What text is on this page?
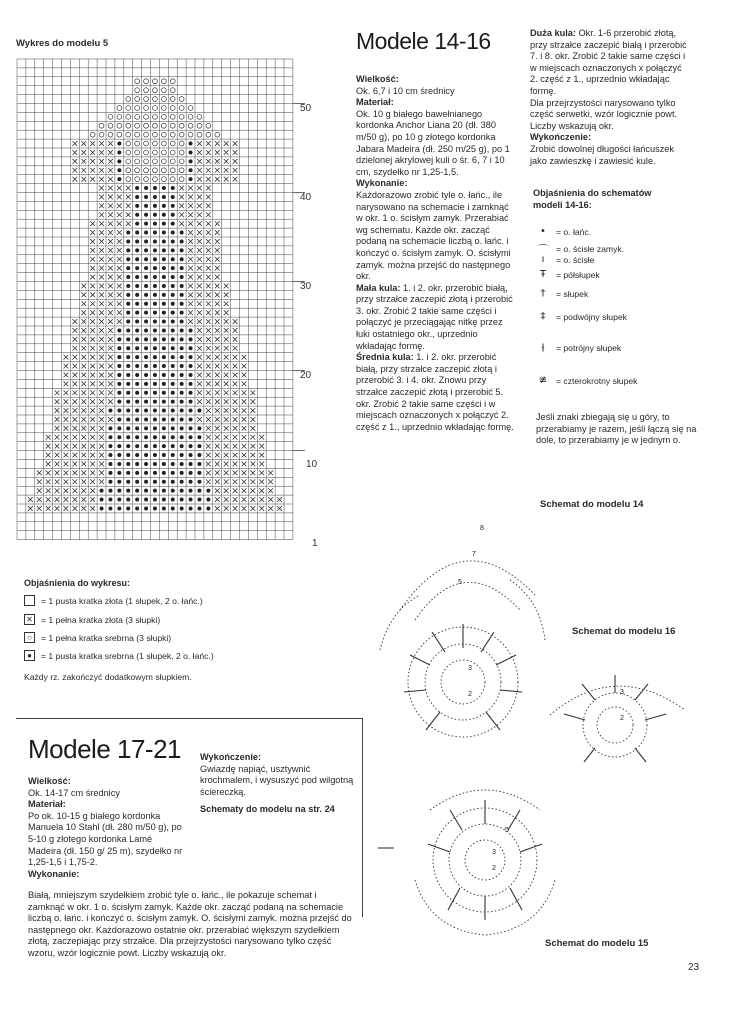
Wykres do modelu 5
50
40
30
20
10
1
Objaśnienia do wykresu:
= 1 pusta kratka złota (1 słupek, 2 o. łańc.)
✕ = 1 pełna kratka złota (3 słupki)
○	= 1 pełna kratka srebrna (3 słupki)
●	= 1 pusta kratka srebrna (1 słupek, 2 o. łańc.)
Każdy rz. zakończyć dodatkowym słupkiem.
Modele 14-16

Wielkość:

Ok. 6,7 i 10 cm średnicy

Materiał:

Ok. 10 g białego bawełnianego kordonka Anchor Liana 20 (dł. 380 m/50 g), po 10 g złotego kordonka Jabara Madeira (dł. 250 m/25 g), po 1 dzielonej akrylowej kuli o śr. 6, 7 i 10 cm, szydełko nr 1,25-1,5.

Wykonanie:

Każdorazowo zrobić tyle o. łańc., ile narysowano na schemacie i zamknąć w okr. 1 o. ścisłym zamyk. Przerabiać wg schematu. Każde okr. zacząć podaną na schemacie liczbą o. łańc. i kończyć o. ścisłym zamyk. O. ścisłymi zamyk. można przejść do następnego okr.

Mała kula: 1. i 2. okr. przerobić białą, przy strzałce zaczepić złotą i przerobić 3. okr. Zrobić 2 takie same części i połączyć je przeciągając nitkę przez łuki ostatniego okr., uprzednio wkładając formę.

Średnia kula: 1. i 2. okr. przerobić białą, przy strzałce zaczepić złotą i przerobić 3. i 4. okr. Znowu przy strzałce zaczepić złotą i przerobić 5. okr. Zrobić 2 takie same części i w miejscach oznaczonych x połączyć 2. część z 1., uprzednio wkładając formę.

Duża kula: Okr. 1-6 przerobić złotą, przy strzałce zaczepić białą i przerobić 7. i 8. okr. Zrobić 2 takie same części i w miejscach oznaczonych x połączyć 2. część z 1., uprzednio wkładając formę.

Dla przejrzystości narysowano tylko część serwetki, wzór logicznie powt. Liczby wskazują okr.

Wykończenie:

Zrobić dowolnej długości łańcuszek jako zawieszkę i zawiesić kule.

Objaśnienia do schematów modeli 14-16:
•	= o. łańc.
⌒ = o. ścisłe zamyk.
ı	= o. ścisłe
Ŧ	= półsłupek
†	= słupek
‡	= podwójny słupek
⫲	= potrójny słupek
≢	= czterokrotny słupek
Jeśli znaki zbiegają się u góry, to przerabiamy je razem, jeśli łączą się na dole, to przerabiamy je w jednym o.
Schemat do modelu 14
Schemat do modelu 16
Schemat do modelu 15
8
7
5
3
2	3
2
5
3
2
Modele 17-21

Wielkość:

Ok. 14-17 cm średnicy

Materiał:

Po ok. 10-15 g białego kordonka Manuela 10 Stahl (dł. 280 m/50 g), po 5-10 g złotego kordonka Lamé Madeira (dł. 150 g/ 25 m), szydełko nr 1,25-1,5 i 1,75-2.

Wykonanie:

Białą, mniejszym szydełkiem zrobić tyle o. łańc., ile pokazuje schemat i zamknąć w okr. 1 o. ścisłym zamyk. Każde okr. zacząć podaną na schemacie liczbą o. łańc. i kończyć o. ścisłym zamyk. O. ścisłymi zamyk. można przejść do następnego okr. Każdorazowo ostatnie okr. przerabiać większym szydełkiem złotą, zaczepiając przy strzałce. Dla przejrzystości narysowano tylko część wzoru, wzór logicznie powt. Liczby wskazują okr.

Wykończenie:

Gwiazdę napiąć, usztywnić krochmalem, i wysuszyć pod wilgotną ściereczką.

Schematy do modelu na str. 24

23
